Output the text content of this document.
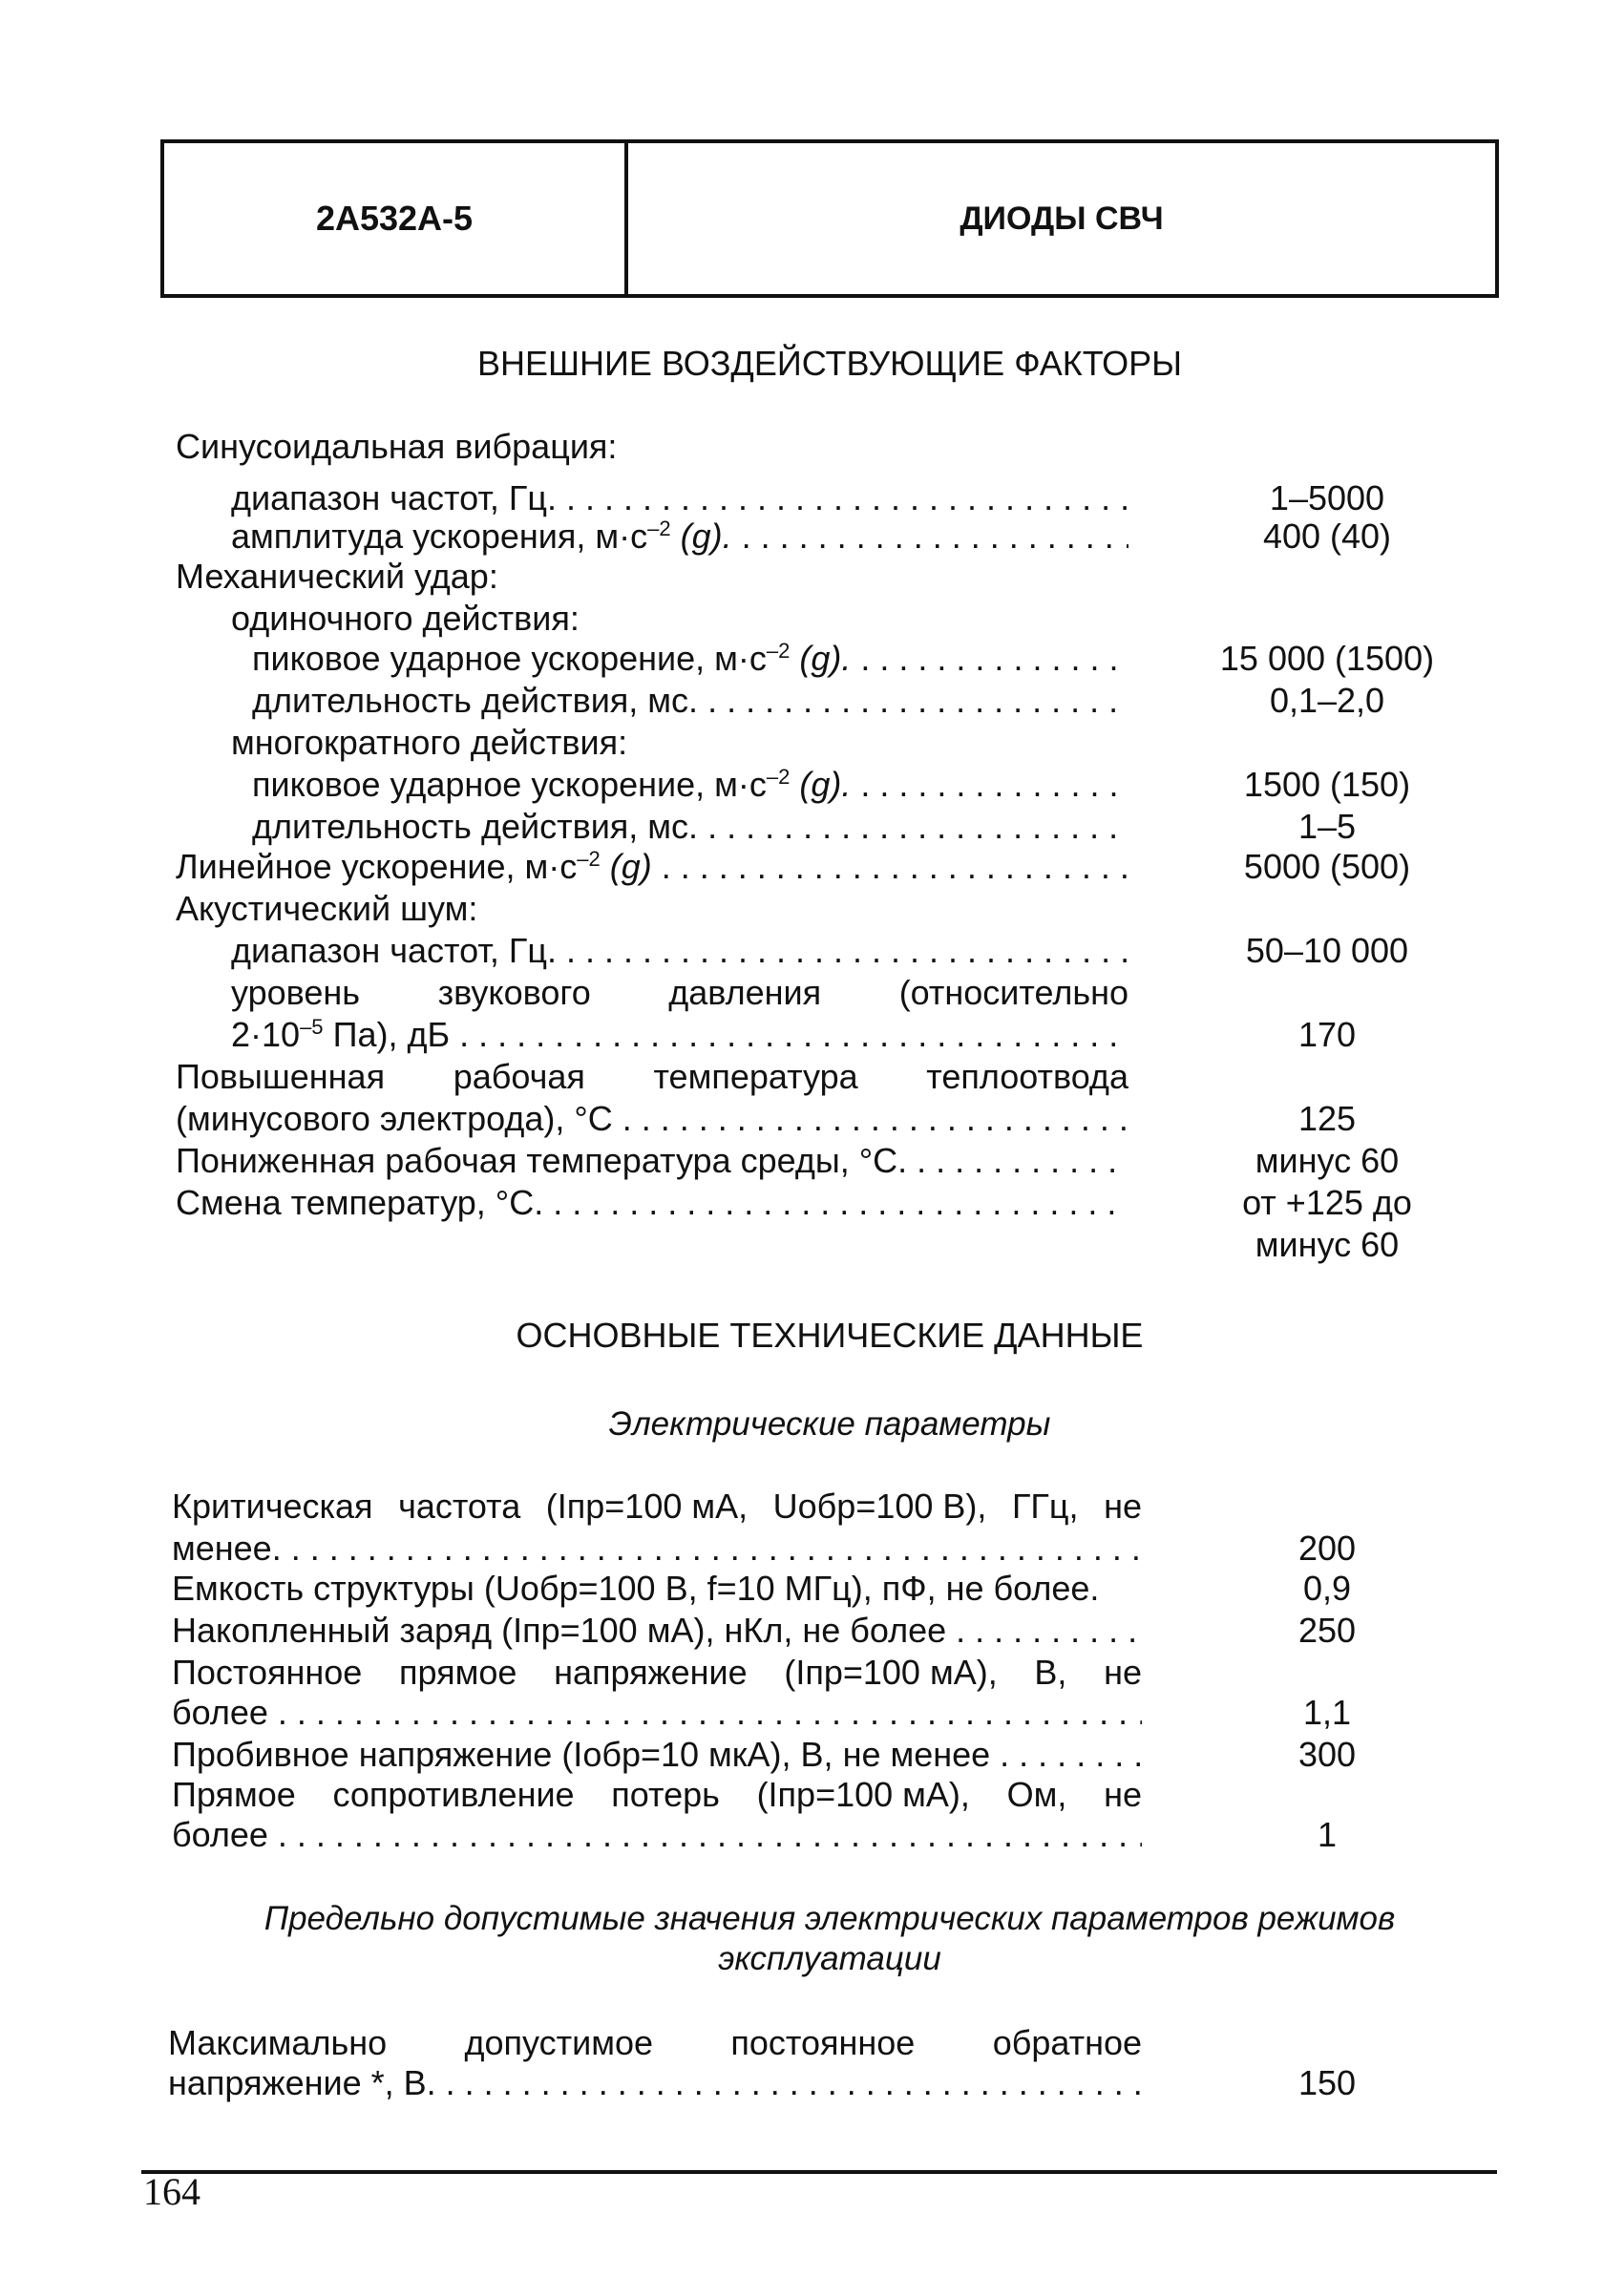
2А532А-5	ДИОДЫ СВЧ
ВНЕШНИЕ ВОЗДЕЙСТВУЮЩИЕ ФАКТОРЫ
Синусоидальная вибрация:
диапазон частот, Гц. . . .	1–5000
амплитуда ускорения, $м\cdot с^{-2}$ (g). . . .	400 (40)
Механический удар:
одиночного действия:
пиковое ударное ускорение, $м\cdot с^{-2}$ (g). . . .	15 000 (1500)
длительность действия, мс. . . .	0,1–2,0
многократного действия:
пиковое ударное ускорение, $м\cdot с^{-2}$ (g). . . .	1500 (150)
длительность действия, мс. . . .	1–5
Линейное ускорение, $м\cdot с^{-2}$ (g) . . .	5000 (500)
Акустический шум:
диапазон частот, Гц. . . .	50–10 000
уровень звукового давления (относительно
$2\cdot 10^{-5}$ Па), дБ . . .	170
Повышенная рабочая температура теплоотвода
(минусового электрода), °С . . .	125
Пониженная рабочая температура среды, °С. . . .	минус 60
Смена температур, °С. . . .	от +125 до
минус 60
ОСНОВНЫЕ ТЕХНИЧЕСКИЕ ДАННЫЕ
Электрические параметры
Критическая частота (Iпр=100 мА, Uобр=100 В), ГГц, не
менее. . . .	200
Емкость структуры (Uобр=100 В, f=10 МГц), пФ, не более.	0,9
Накопленный заряд (Iпр=100 мА), нКл, не более . . .	250
Постоянное прямое напряжение (Iпр=100 мА), В, не
более . . .	1,1
Пробивное напряжение (Iобр=10 мкА), В, не менее . . .	300
Прямое сопротивление потерь (Iпр=100 мА), Ом, не
более . . .	1
Предельно допустимые значения электрических параметров режимов
эксплуатации
Максимально допустимое постоянное обратное
напряжение *, В. . . .	150
164
